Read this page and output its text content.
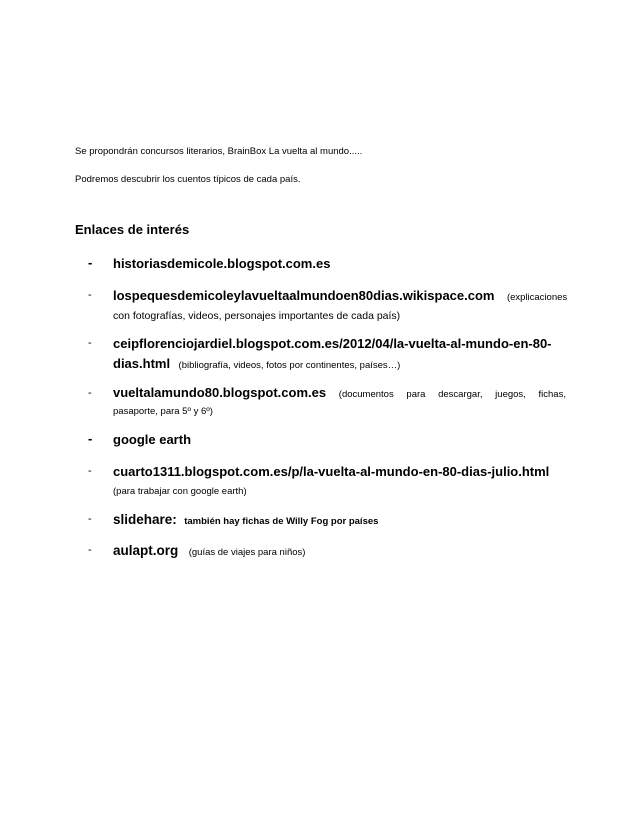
Se propondrán concursos literarios, BrainBox La vuelta al mundo.....
Podremos descubrir los cuentos típicos de cada país.
Enlaces de interés
- historiasdemicole.blogspot.com.es
- lospequesdemicoleylavueltaalmundoen80dias.wikispace.com (explicaciones
con fotografías, videos, personajes importantes de cada país)
- ceipflorenciojardiel.blogspot.com.es/2012/04/la-vuelta-al-mundo-en-80-
dias.html (bibliografía, videos, fotos por continentes, países…)
- vueltalamundo80.blogspot.com.es (documentos para descargar, juegos, fichas,
pasaporte, para 5º y 6º)
- google earth
- cuarto1311.blogspot.com.es/p/la-vuelta-al-mundo-en-80-dias-julio.html
(para trabajar con google earth)
- slidehare: también hay fichas de Willy Fog por países
- aulapt.org (guías de viajes para niños)
